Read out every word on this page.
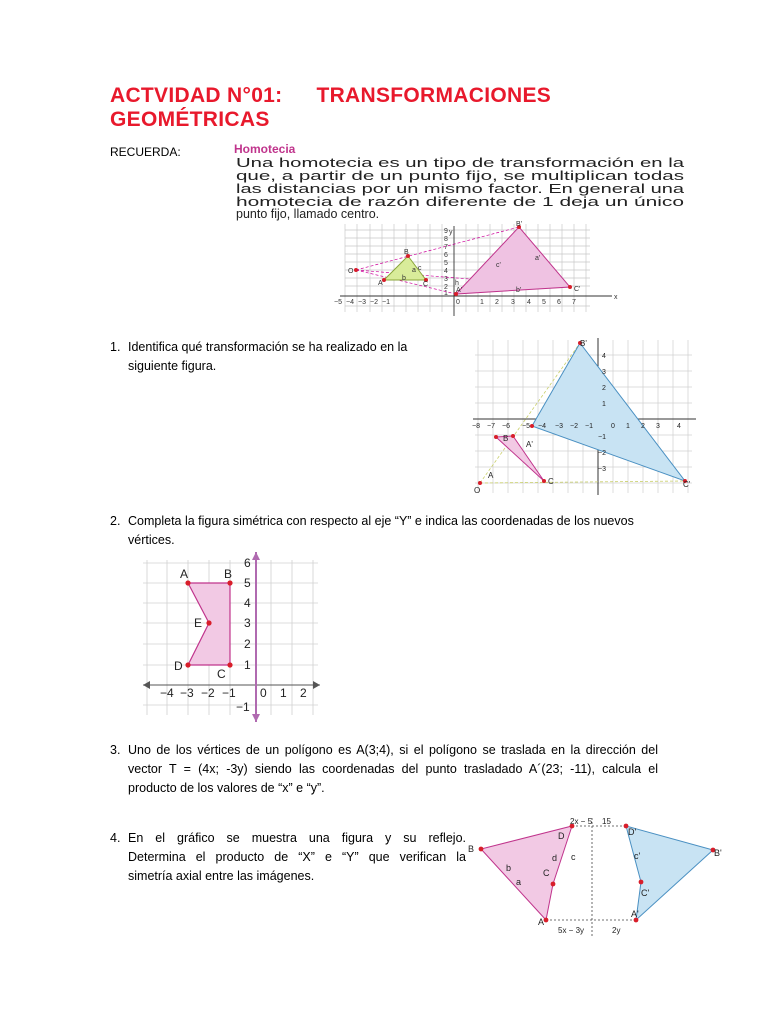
ACTVIDAD N°01: TRANSFORMACIONES
GEOMÉTRICAS
RECUERDA:	Homotecia
Una homotecia es un tipo de transformación en la
que, a partir de un punto fijo, se multiplican todas
las distancias por un mismo factor. En general una
homotecia de razón diferente de 1 deja un único
punto fijo, llamado centro.
x
y
−5 −4 −3 −2 −1	0	1 2 3 4 5 6 7
9
8
7
6
5
4
3
2
1
O
A
B
C
a
b
c
h
A'
B'
C'
a'
b'
c'
1. Identifica qué transformación se ha realizado en la
siguiente figura.
O
B
A
C
B'
A'
C'
−8 −7 −6 −5 −4 −3 −2 −1	0 1 2 3 4
4
3
2
1
−1
−2
−3
2. Completa la figura simétrica con respecto al eje “Y” e indica las coordenadas de los nuevos
vértices.
A	B
E
D
C
−4 −3 −2 −1 0 1 2
6
5
4
3
2
1
−1
3. Uno de los vértices de un polígono es A(3;4), si el polígono se traslada en la dirección del
vector T = (4x; -3y) siendo las coordenadas del punto trasladado A´(23; -11), calcula el
producto de los valores de “x” e “y”.
4. En el gráfico se muestra una figura y su reflejo.
Determina el producto de “X” e “Y” que verifican la
simetría axial entre las imágenes.
B
A
C
D
a
b
c
d	B'
A'
C'
D'
c'
2x − 5 15
5x − 3y	2y
